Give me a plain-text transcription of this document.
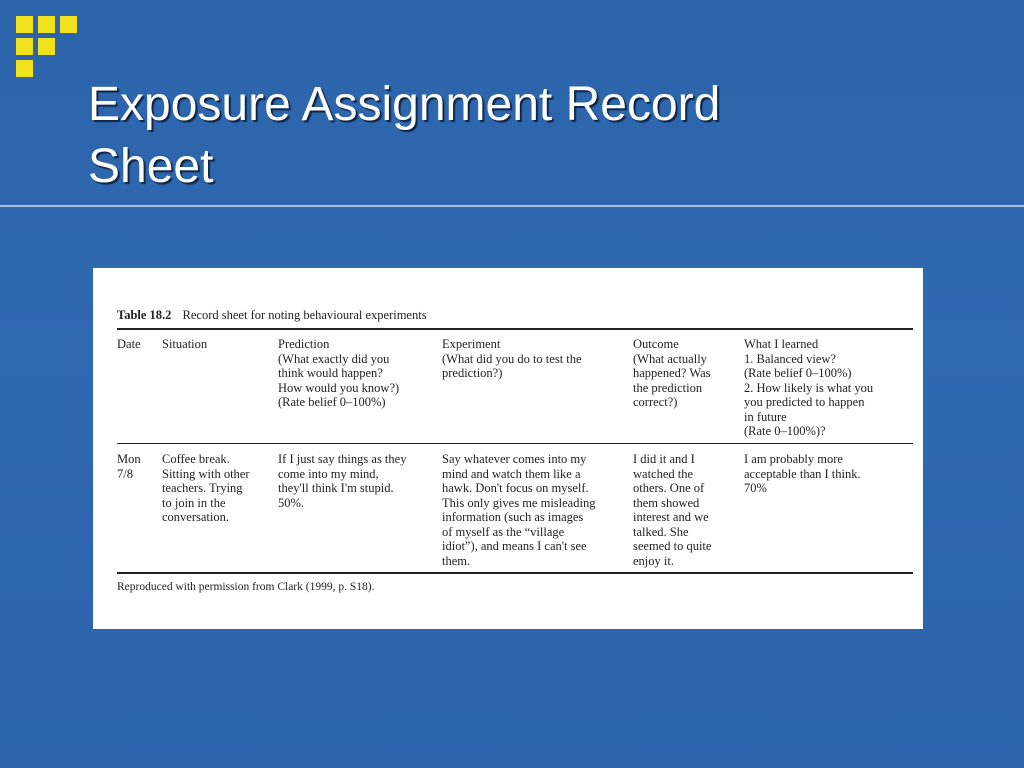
Exposure Assignment Record
Sheet
Table 18.2 Record sheet for noting behavioural experiments
Date	Situation	Prediction
(What exactly did you
think would happen?
How would you know?)
(Rate belief 0–100%)
Experiment
(What did you do to test the
prediction?)
Outcome
(What actually
happened? Was
the prediction
correct?)
What I learned
1. Balanced view?
(Rate belief 0–100%)
2. How likely is what you
you predicted to happen
in future
(Rate 0–100%)?
Mon
7/8
Coffee break.
Sitting with other
teachers. Trying
to join in the
conversation.
If I just say things as they
come into my mind,
they'll think I'm stupid.
50%.
Say whatever comes into my
mind and watch them like a
hawk. Don't focus on myself.
This only gives me misleading
information (such as images
of myself as the “village
idiot”), and means I can't see
them.
I did it and I
watched the
others. One of
them showed
interest and we
talked. She
seemed to quite
enjoy it.
I am probably more
acceptable than I think.
70%
Reproduced with permission from Clark (1999, p. S18).
